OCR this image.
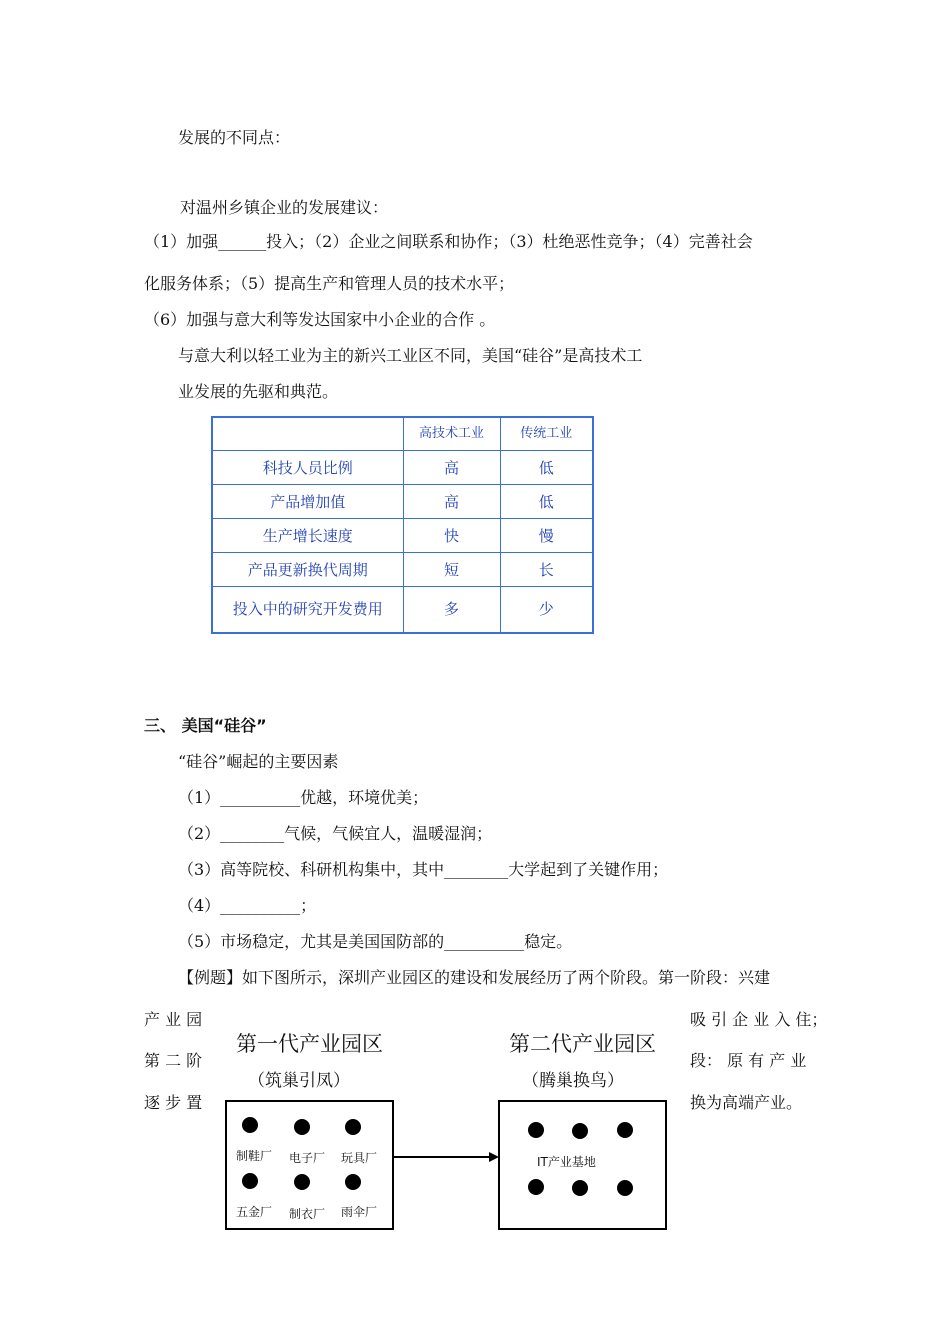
发展的不同点：
对温州乡镇企业的发展建议：
（1）加强______投入；（2）企业之间联系和协作；（3）杜绝恶性竞争；（4）完善社会
化服务体系；（5）提高生产和管理人员的技术水平；
（6）加强与意大利等发达国家中小企业的合作 。
与意大利以轻工业为主的新兴工业区不同，美国“硅谷”是高技术工
业发展的先驱和典范。
	高技术工业	传统工业
科技人员比例	高	低
产品增加值	高	低
生产增长速度	快	慢
产品更新换代周期	短	长
投入中的研究开发费用	多	少
三、 美国“硅谷”
“硅谷”崛起的主要因素
（1）__________优越，环境优美；
（2）________气候，气候宜人，温暖湿润；
（3）高等院校、科研机构集中，其中________大学起到了关键作用；
（4）__________；
（5）市场稳定，尤其是美国国防部的__________稳定。
【例题】如下图所示，深圳产业园区的建设和发展经历了两个阶段。第一阶段：兴建
产 业 园
第 二 阶
逐 步 置
吸 引 企 业 入 住；
段： 原 有 产 业
换为高端产业。
第一代产业园区
（筑巢引凤）
制鞋厂 电子厂 玩具厂
五金厂 制衣厂 雨伞厂
第二代产业园区
（腾巢换鸟）
IT产业基地
